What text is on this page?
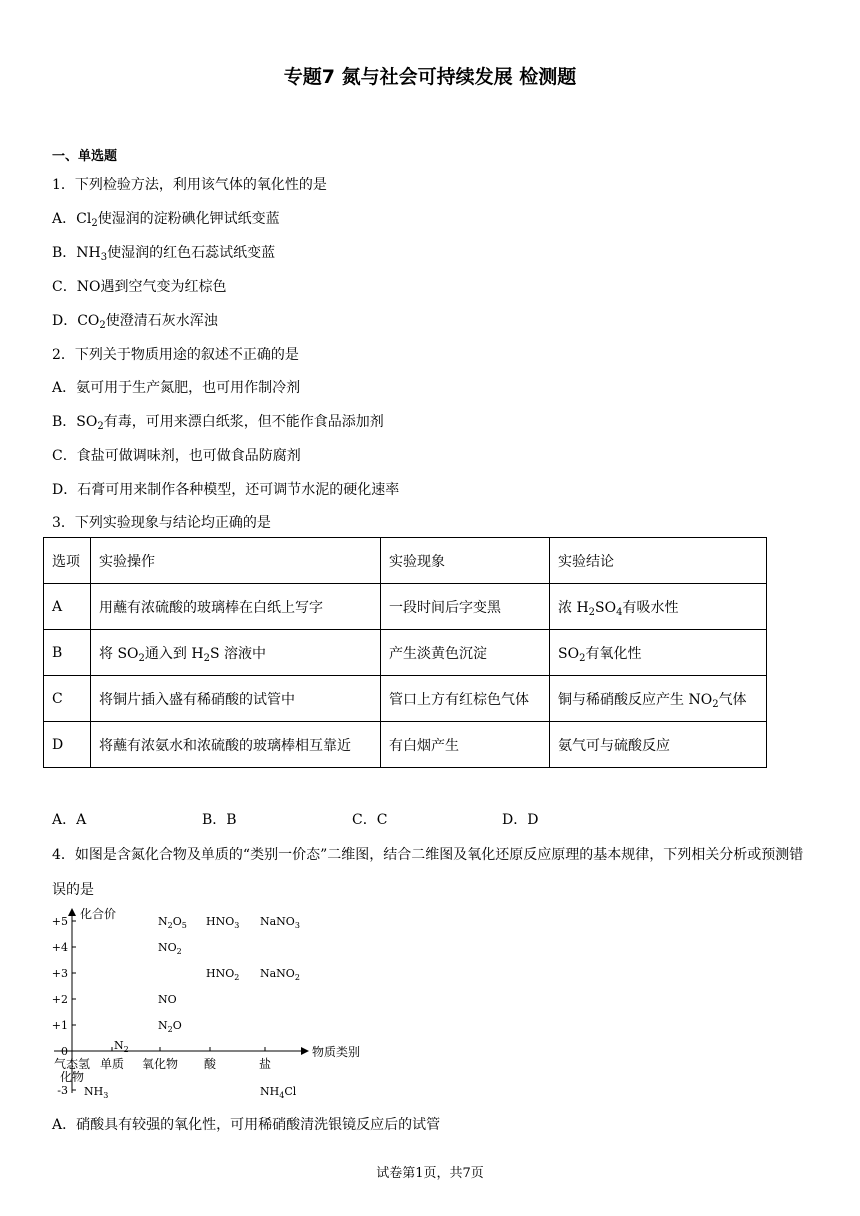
专题7 氮与社会可持续发展 检测题
一、单选题
1．下列检验方法，利用该气体的氧化性的是
A．$Cl_2$使湿润的淀粉碘化钾试纸变蓝
B．$NH_3$使湿润的红色石蕊试纸变蓝
C．NO遇到空气变为红棕色
D．$CO_2$使澄清石灰水浑浊
2．下列关于物质用途的叙述不正确的是
A．氨可用于生产氮肥，也可用作制冷剂
B．$SO_2$有毒，可用来漂白纸浆，但不能作食品添加剂
C．食盐可做调味剂，也可做食品防腐剂
D．石膏可用来制作各种模型，还可调节水泥的硬化速率
3．下列实验现象与结论均正确的是
选项	实验操作	实验现象	实验结论
A	用蘸有浓硫酸的玻璃棒在白纸上写字	一段时间后字变黑	浓 $H_2SO_4$有吸水性
B	将 $SO_2$通入到 $H_2S$ 溶液中	产生淡黄色沉淀	$SO_2$有氧化性
C	将铜片插入盛有稀硝酸的试管中	管口上方有红棕色气体	铜与稀硝酸反应产生 $NO_2$气体
D	将蘸有浓氨水和浓硫酸的玻璃棒相互靠近	有白烟产生	氨气可与硫酸反应
A．A	B．B	C．C	D．D
4．如图是含氮化合物及单质的“类别一价态”二维图，结合二维图及氧化还原反应原理的基本规律，下列相关分析或预测错误的是
化合价
物质类别
+5
+4
+3
+2
+1
0
-3
气态氢
化物
单质 氧化物 酸	盐
$N_2O_5$ $HNO_3$ NaNO$_3$
$NO_2$
$HNO_2$ NaNO$_2$
NO
$N_2O$
$N_2$
$NH_3$	$NH_4Cl$
A．硝酸具有较强的氧化性，可用稀硝酸清洗银镜反应后的试管
试卷第1页，共7页
